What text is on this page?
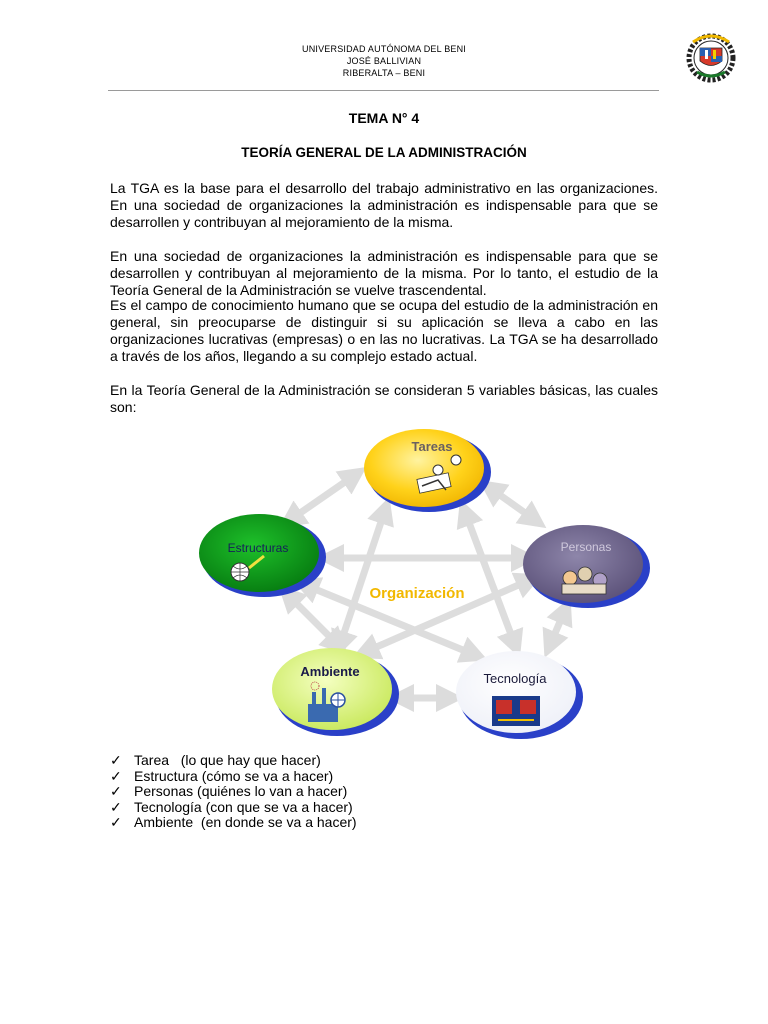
UNIVERSIDAD AUTÓNO​MA DEL BENI
JOSÉ BALLIVIAN
RIBERALTA – BENI
TEMA N° 4
TEORÍA GENERAL DE LA ADMINISTRACIÓN
La TGA es la base para el desarrollo del trabajo administrativo en las organizaciones.
En una sociedad de organizaciones la administración es indispensable para que se
desarrollen y contribuyan al mejoramiento de la misma.
En una sociedad de organizaciones la administración es indispensable para que se
desarrollen y contribuyan al mejoramiento de la misma. Por lo tanto, el estudio de la
Teoría General de la Administración se vuelve trascendental.
Es el campo de conocimiento humano que se ocupa del estudio de la administración en
general, sin preocuparse de distinguir si su aplicación se lleva a cabo en las
organizaciones lucrativas (empresas) o en las no lucrativas. La TGA se ha desarrollado
a través de los años, llegando a su complejo estado actual.
En la Teoría General de la Administración se consideran 5 variables básicas, las cuales
son:
Tareas
Personas
Tecnología
Ambiente
Estructuras
Organización
✓ Tarea   (lo que hay que hacer)
✓ Estructura (cómo se va a hacer)
✓ Personas (quiénes lo van a hacer)
✓ Tecnología (con que se va a hacer)
✓ Ambiente  (en donde se va a hacer)
